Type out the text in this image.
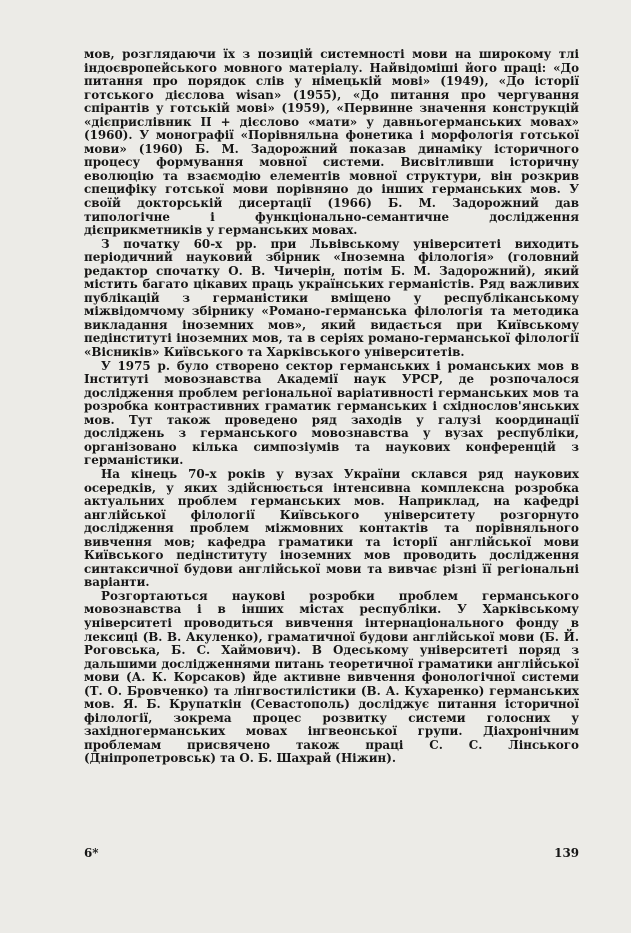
мов, розглядаючи їх з позицій системності мови на широкому тлі індоєвропейського мовного матеріалу. Найвідоміші його праці: «До питання про порядок слів у німецькій мові» (1949), «До історії готського дієслова wisan» (1955), «До питання про чергування спірантів у готській мові» (1959), «Первинне значення конструкцій «дієприслівник II + дієслово «мати» у давньогерманських мовах» (1960). У монографії «Порівняльна фонетика і морфологія готської мови» (1960) Б. М. Задорожний показав динаміку історичного процесу формування мовної системи. Висвітливши історичну еволюцію та взаємодію елементів мовної структури, він розкрив специфіку готської мови порівняно до інших германських мов. У своїй докторській дисертації (1966) Б. М. Задорожний дав типологічне і функціонально-семантичне дослідження дієприкметників у германських мовах.

З початку 60-х рр. при Львівському університеті виходить періодичний науковий збірник «Іноземна філологія» (головний редактор спочатку О. В. Чичерін, потім Б. М. Задорожний), який містить багато цікавих праць українських германістів. Ряд важливих публікацій з германістики вміщено у республіканському міжвідомчому збірнику «Романо-германська філологія та методика викладання іноземних мов», який видається при Київському педінституті іноземних мов, та в серіях романо-германської філології «Вісників» Київського та Харківського університетів.

У 1975 р. було створено сектор германських і романських мов в Інституті мовознавства Академії наук УРСР, де розпочалося дослідження проблем регіональної варіативності германських мов та розробка контрастивних граматик германських і східнослов'янських мов. Тут також проведено ряд заходів у галузі координації досліджень з германського мовознавства у вузах республіки, організовано кілька симпозіумів та наукових конференцій з германістики.

На кінець 70-х років у вузах України склався ряд наукових осередків, у яких здійснюється інтенсивна комплексна розробка актуальних проблем германських мов. Наприклад, на кафедрі англійської філології Київського університету розгорнуто дослідження проблем міжмовних контактів та порівняльного вивчення мов; кафедра граматики та історії англійської мови Київського педінституту іноземних мов проводить дослідження синтаксичної будови англійської мови та вивчає різні її регіональні варіанти.

Розгортаються наукові розробки проблем германського мовознавства і в інших містах республіки. У Харківському університеті проводиться вивчення інтернаціонального фонду в лексиці (В. В. Акуленко), граматичної будови англійської мови (Б. Й. Роговська, Б. С. Хаймович). В Одеському університеті поряд з дальшими дослідженнями питань теоретичної граматики англійської мови (А. К. Корсаков) йде активне вивчення фонологічної системи (Т. О. Бровченко) та лінгвостилістики (В. А. Кухаренко) германських мов. Я. Б. Крупаткін (Севастополь) досліджує питання історичної філології, зокрема процес розвитку системи голосних у західногерманських мовах інгвеонської групи. Діахронічним проблемам присвячено також праці С. С. Лінського (Дніпропетровськ) та О. Б. Шахрай (Ніжин).

6*	139
